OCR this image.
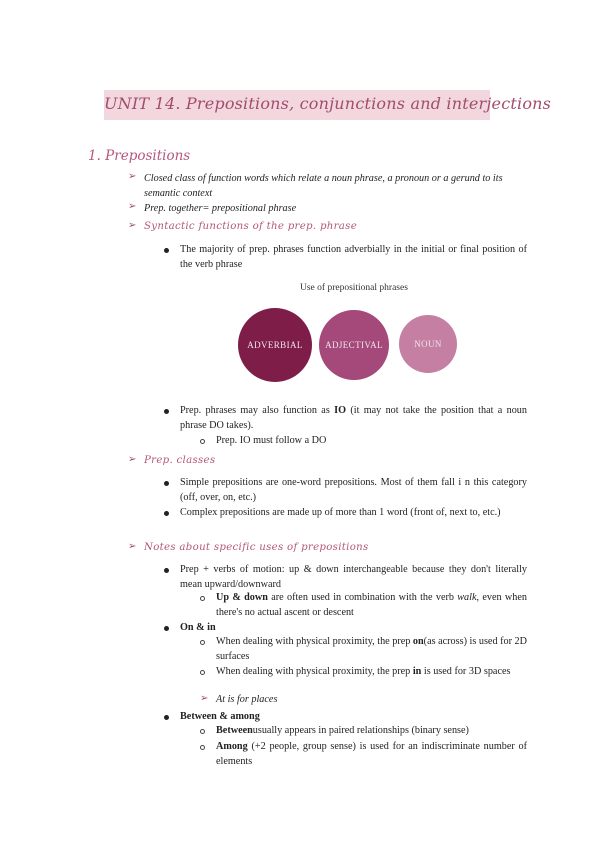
UNIT 14. Prepositions, conjunctions and interjections
1. Prepositions
➢ Closed class of function words which relate a noun phrase, a pronoun or a gerund to its semantic context
➢ Prep. together= prepositional phrase
➢ Syntactic functions of the prep. phrase
The majority of prep. phrases function adverbially in the initial or final position of the verb phrase
Use of prepositional phrases
ADVERBIAL ADJECTIVAL	NOUN
Prep. phrases may also function as IO (it may not take the position that a noun phrase DO takes).
Prep. IO must follow a DO
➢ Prep. classes
Simple prepositions are one-word prepositions. Most of them fall i n this category (off, over, on, etc.)
Complex prepositions are made up of more than 1 word (front of, next to, etc.)
➢ Notes about specific uses of prepositions
Prep + verbs of motion: up & down interchangeable because they don't literally mean upward/downward
Up & down are often used in combination with the verb walk, even when there's no actual ascent or descent
On & in
When dealing with physical proximity, the prep on(as across) is used for 2D surfaces
When dealing with physical proximity, the prep in is used for 3D spaces
➢ At is for places
Between & among
Betweenusually appears in paired relationships (binary sense)
Among (+2 people, group sense) is used for an indiscriminate number of elements
